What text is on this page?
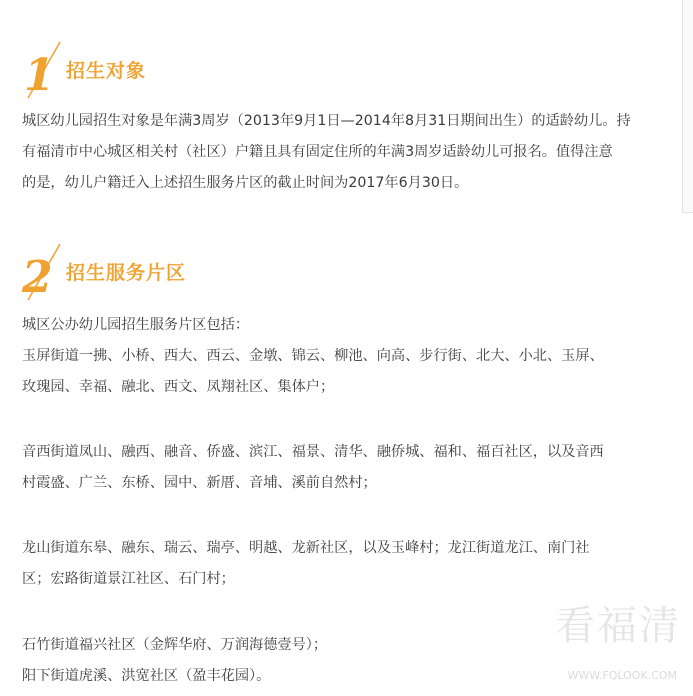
1 招生对象
城区幼儿园招生对象是年满3周岁（2013年9月1日—2014年8月31日期间出生）的适龄幼儿。持
有福清市中心城区相关村（社区）户籍且具有固定住所的年满3周岁适龄幼儿可报名。值得注意
的是，幼儿户籍迁入上述招生服务片区的截止时间为2017年6月30日。
2 招生服务片区
城区公办幼儿园招生服务片区包括：
玉屏街道一拂、小桥、西大、西云、金墩、锦云、柳池、向高、步行街、北大、小北、玉屏、
玫瑰园、幸福、融北、西文、凤翔社区、集体户；
音西街道凤山、融西、融音、侨盛、滨江、福景、清华、融侨城、福和、福百社区，以及音西
村霞盛、广兰、东桥、园中、新厝、音埔、溪前自然村；
龙山街道东皋、融东、瑞云、瑞亭、明越、龙新社区，以及玉峰村；龙江街道龙江、南门社
区；宏路街道景江社区、石门村；
石竹街道福兴社区（金辉华府、万润海德壹号）；
阳下街道虎溪、洪宽社区（盈丰花园）。
看福清
WWW.FQLOOK.COM
